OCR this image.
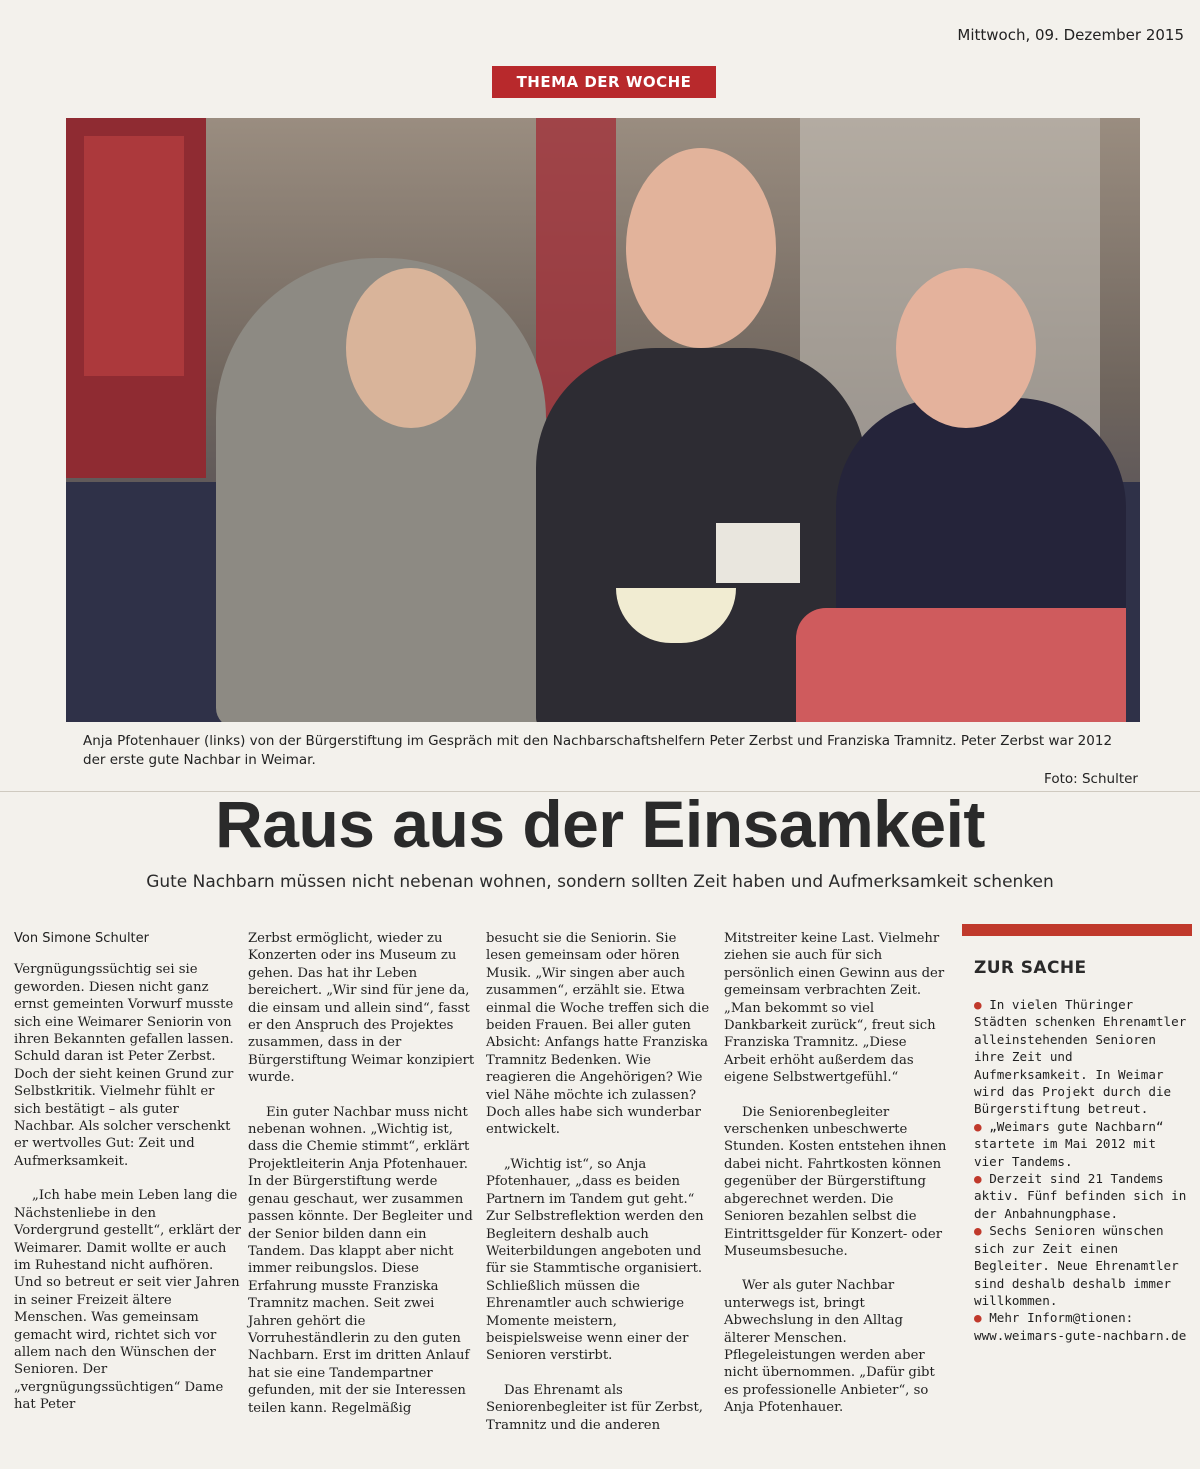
Mittwoch, 09. Dezember 2015
THEMA DER WOCHE
Anja Pfotenhauer (links) von der Bürgerstiftung im Gespräch mit den Nachbarschaftshelfern Peter Zerbst und Franziska Tramnitz. Peter Zerbst war 2012 der erste gute Nachbar in Weimar.
Foto: Schulter
Raus aus der Einsamkeit
Gute Nachbarn müssen nicht nebenan wohnen, sondern sollten Zeit haben und Aufmerksamkeit schenken

Von Simone Schulter

Vergnügungssüchtig sei sie geworden. Diesen nicht ganz ernst gemeinten Vorwurf musste sich eine Weimarer Seniorin von ihren Bekannten gefallen lassen. Schuld daran ist Peter Zerbst. Doch der sieht keinen Grund zur Selbstkritik. Vielmehr fühlt er sich bestätigt – als guter Nachbar. Als solcher verschenkt er wertvolles Gut: Zeit und Aufmerksamkeit.

„Ich habe mein Leben lang die Nächstenliebe in den Vordergrund gestellt“, erklärt der Weimarer. Damit wollte er auch im Ruhestand nicht aufhören. Und so betreut er seit vier Jahren in seiner Freizeit ältere Menschen. Was gemeinsam gemacht wird, richtet sich vor allem nach den Wünschen der Senioren. Der „vergnügungssüchtigen“ Dame hat Peter

Zerbst ermöglicht, wieder zu Konzerten oder ins Museum zu gehen. Das hat ihr Leben bereichert. „Wir sind für jene da, die einsam und allein sind“, fasst er den Anspruch des Projektes zusammen, dass in der Bürgerstiftung Weimar konzipiert wurde.

Ein guter Nachbar muss nicht nebenan wohnen. „Wichtig ist, dass die Chemie stimmt“, erklärt Projektleiterin Anja Pfotenhauer. In der Bürgerstiftung werde genau geschaut, wer zusammen passen könnte. Der Begleiter und der Senior bilden dann ein Tandem. Das klappt aber nicht immer reibungslos. Diese Erfahrung musste Franziska Tramnitz machen. Seit zwei Jahren gehört die Vorruheständlerin zu den guten Nachbarn. Erst im dritten Anlauf hat sie eine Tandempartner gefunden, mit der sie Interessen teilen kann. Regelmäßig

besucht sie die Seniorin. Sie lesen gemeinsam oder hören Musik. „Wir singen aber auch zusammen“, erzählt sie. Etwa einmal die Woche treffen sich die beiden Frauen. Bei aller guten Absicht: Anfangs hatte Franziska Tramnitz Bedenken. Wie reagieren die Angehörigen? Wie viel Nähe möchte ich zulassen? Doch alles habe sich wunderbar entwickelt.

„Wichtig ist“, so Anja Pfotenhauer, „dass es beiden Partnern im Tandem gut geht.“ Zur Selbstreflektion werden den Begleitern deshalb auch Weiterbildungen angeboten und für sie Stammtische organisiert. Schließlich müssen die Ehrenamtler auch schwierige Momente meistern, beispielsweise wenn einer der Senioren verstirbt.

Das Ehrenamt als Seniorenbegleiter ist für Zerbst, Tramnitz und die anderen

Mitstreiter keine Last. Vielmehr ziehen sie auch für sich persönlich einen Gewinn aus der gemeinsam verbrachten Zeit. „Man bekommt so viel Dankbarkeit zurück“, freut sich Franziska Tramnitz. „Diese Arbeit erhöht außerdem das eigene Selbstwertgefühl.“

Die Seniorenbegleiter verschenken unbeschwerte Stunden. Kosten entstehen ihnen dabei nicht. Fahrtkosten können gegenüber der Bürgerstiftung abgerechnet werden. Die Senioren bezahlen selbst die Eintrittsgelder für Konzert- oder Museumsbesuche.

Wer als guter Nachbar unterwegs ist, bringt Abwechslung in den Alltag älterer Menschen. Pflegeleistungen werden aber nicht übernommen. „Dafür gibt es professionelle Anbieter“, so Anja Pfotenhauer.

ZUR SACHE
● In vielen Thüringer Städten schenken Ehrenamtler alleinstehenden Senioren ihre Zeit und Aufmerksamkeit. In Weimar wird das Projekt durch die Bürgerstiftung betreut.
● „Weimars gute Nachbarn“ startete im Mai 2012 mit vier Tandems.
● Derzeit sind 21 Tandems aktiv. Fünf befinden sich in der Anbahnungphase.
● Sechs Senioren wünschen sich zur Zeit einen Begleiter. Neue Ehrenamtler sind deshalb deshalb immer willkommen.
● Mehr Inform@tionen: www.weimars-gute-nachbarn.de
